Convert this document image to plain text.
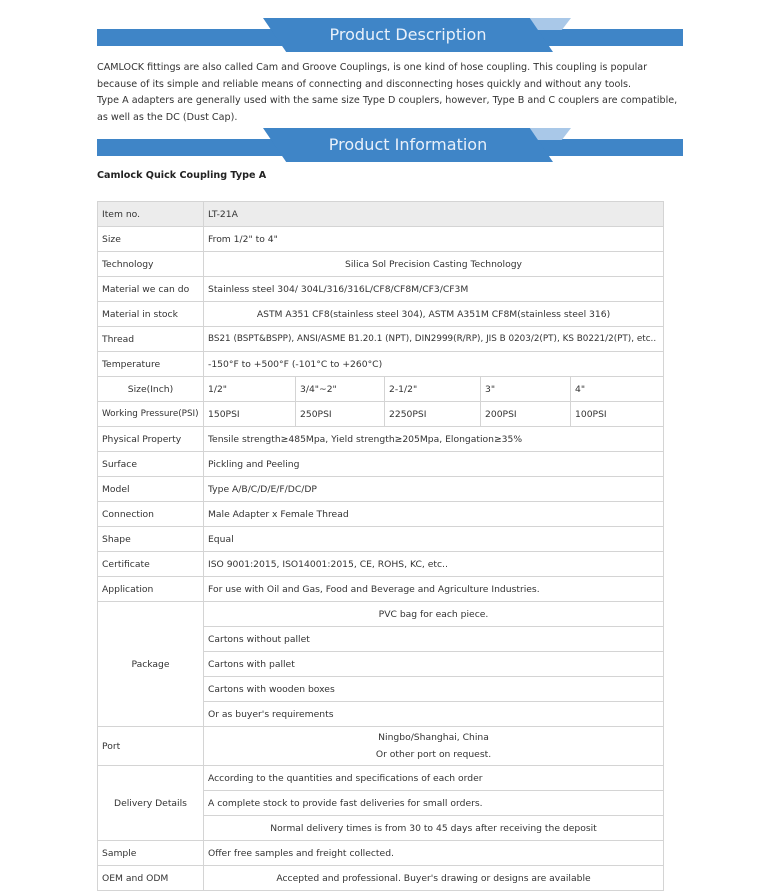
Product Description

CAMLOCK fittings are also called Cam and Groove Couplings, is one kind of hose coupling. This coupling is popular because of its simple and reliable means of connecting and disconnecting hoses quickly and without any tools.

Type A adapters are generally used with the same size Type D couplers, however, Type B and C couplers are compatible, as well as the DC (Dust Cap).

Product Information
Camlock Quick Coupling Type A
Item no.	LT-21A				
Size	From 1/2" to 4"				
Technology	Silica Sol Precision Casting Technology				
Material we can do	Stainless steel 304/ 304L/316/316L/CF8/CF8M/CF3/CF3M				
Material in stock	ASTM A351 CF8(stainless steel 304), ASTM A351M CF8M(stainless steel 316)				
Thread	BS21 (BSPT&BSPP), ANSI/ASME B1.20.1 (NPT), DIN2999(R/RP), JIS B 0203/2(PT), KS B0221/2(PT), etc..				
Temperature	-150°F to +500°F (-101°C to +260°C)				
Size(Inch)	1/2"	3/4"~2"	2-1/2"	3"	4"
Working Pressure(PSI)	150PSI	250PSI	2250PSI	200PSI	100PSI
Physical Property	Tensile strength≥485Mpa, Yield strength≥205Mpa, Elongation≥35%				
Surface	Pickling and Peeling				
Model	Type A/B/C/D/E/F/DC/DP				
Connection	Male Adapter x Female Thread				
Shape	Equal				
Certificate	ISO 9001:2015, ISO14001:2015, CE, ROHS, KC, etc..				
Application	For use with Oil and Gas, Food and Beverage and Agriculture Industries.				
Package	PVC bag for each piece.				
	Cartons without pallet				
	Cartons with pallet				
	Cartons with wooden boxes				
	Or as buyer's requirements				
Port	Ningbo/Shanghai, China
Or other port on request.				

Delivery Details	According to the quantities and specifications of each order				
	A complete stock to provide fast deliveries for small orders.				
	Normal delivery times is from 30 to 45 days after receiving the deposit				
Sample	Offer free samples and freight collected.				
OEM and ODM	Accepted and professional. Buyer's drawing or designs are available				
